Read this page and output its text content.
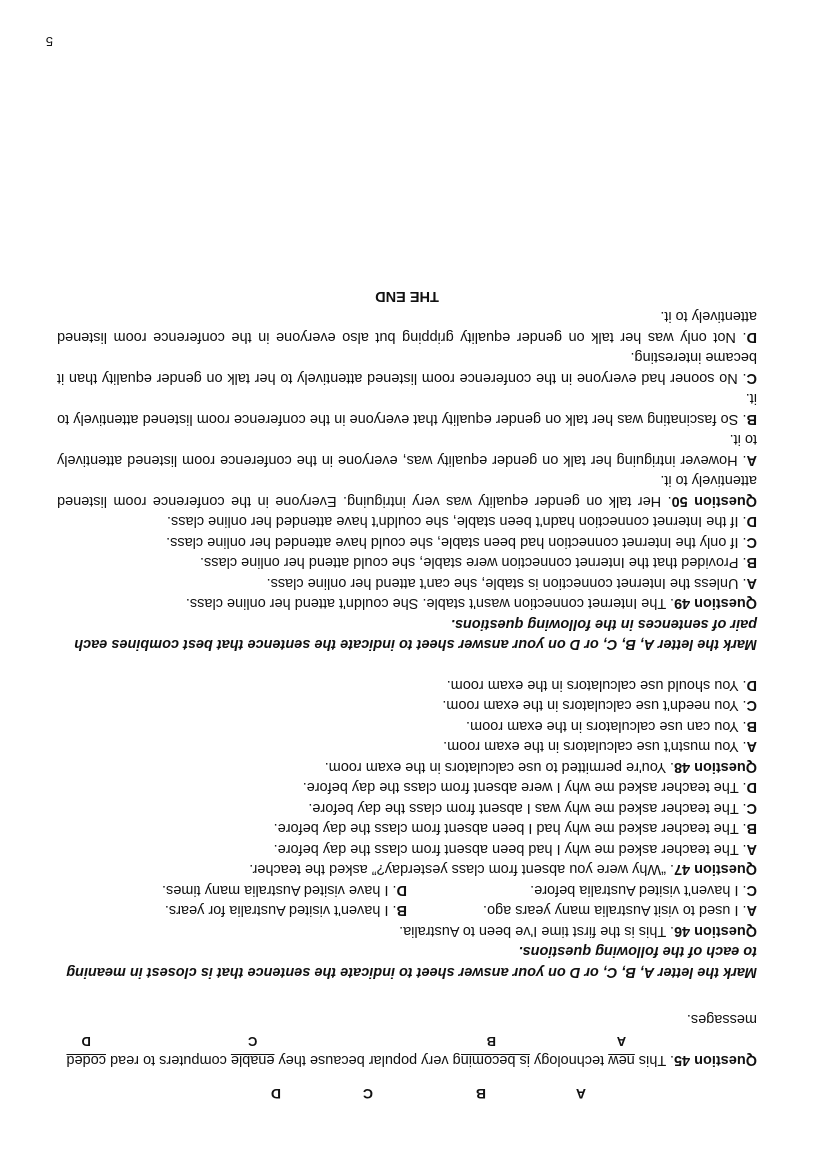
A
B
C
D

Question 45. This new
A
technology is becoming
B
very popular because they enable
C
computers to read coded
D
messages.

Mark the letter A, B, C, or D on your answer sheet to indicate the sentence that is closest in meaning to each of the following questions.

Question 46. This is the first time I've been to Australia.

A. I used to visit Australia many years ago.

B. I haven't visited Australia for years.

C. I haven't visited Australia before.

D. I have visited Australia many times.

Question 47. “Why were you absent from class yesterday?” asked the teacher.

A. The teacher asked me why I had been absent from class the day before.

B. The teacher asked me why had I been absent from class the day before.

C. The teacher asked me why was I absent from class the day before.

D. The teacher asked me why I were absent from class the day before.

Question 48. You're permitted to use calculators in the exam room.

A. You mustn't use calculators in the exam room.

B. You can use calculators in the exam room.

C. You needn't use calculators in the exam room.

D. You should use calculators in the exam room.

Mark the letter A, B, C, or D on your answer sheet to indicate the sentence that best combines each pair of sentences in the following questions.

Question 49. The Internet connection wasn't stable. She couldn't attend her online class.

A. Unless the Internet connection is stable, she can't attend her online class.

B. Provided that the Internet connection were stable, she could attend her online class.

C. If only the Internet connection had been stable, she could have attended her online class.

D. If the Internet connection hadn't been stable, she couldn't have attended her online class.

Question 50. Her talk on gender equality was very intriguing. Everyone in the conference room listened attentively to it.

A. However intriguing her talk on gender equality was, everyone in the conference room listened attentively to it.

B. So fascinating was her talk on gender equality that everyone in the conference room listened attentively to it.

C. No sooner had everyone in the conference room listened attentively to her talk on gender equality than it became interesting.

D. Not only was her talk on gender equality gripping but also everyone in the conference room listened attentively to it.

THE END

5
